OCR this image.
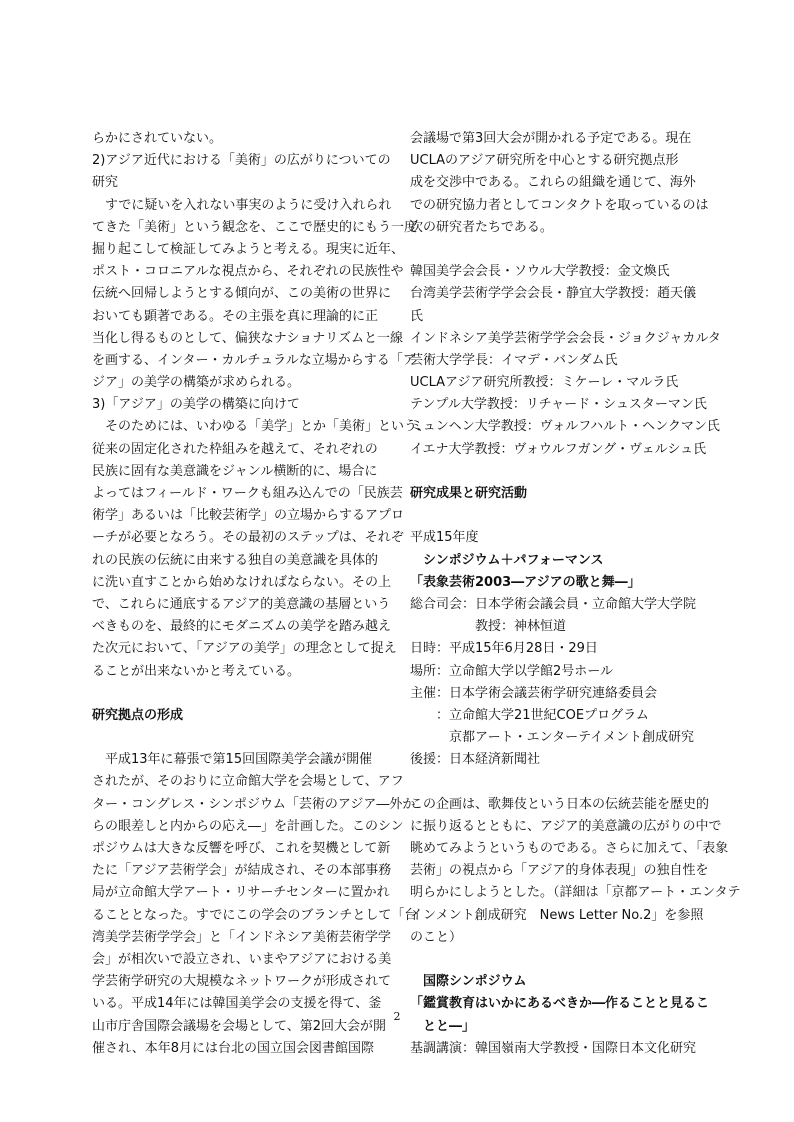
らかにされていない。
2)アジア近代における「美術」の広がりについての
研究
　すでに疑いを入れない事実のように受け入れられ
てきた「美術」という観念を、ここで歴史的にもう一度
掘り起こして検証してみようと考える。現実に近年、
ポスト・コロニアルな視点から、それぞれの民族性や
伝統へ回帰しようとする傾向が、この美術の世界に
おいても顕著である。その主張を真に理論的に正
当化し得るものとして、偏狭なナショナリズムと一線
を画する、インター・カルチュラルな立場からする「ア
ジア」の美学の構築が求められる。
3)「アジア」の美学の構築に向けて
　そのためには、いわゆる「美学」とか「美術」という、
従来の固定化された枠組みを越えて、それぞれの
民族に固有な美意識をジャンル横断的に、場合に
よってはフィールド・ワークも組み込んでの「民族芸
術学」あるいは「比較芸術学」の立場からするアプロ
ーチが必要となろう。その最初のステップは、それぞ
れの民族の伝統に由来する独自の美意識を具体的
に洗い直すことから始めなければならない。その上
で、これらに通底するアジア的美意識の基層という
べきものを、最終的にモダニズムの美学を踏み越え
た次元において、「アジアの美学」の理念として捉え
ることが出来ないかと考えている。
研究拠点の形成
　平成13年に幕張で第15回国際美学会議が開催
されたが、そのおりに立命館大学を会場として、アフ
ター・コングレス・シンポジウム「芸術のアジア―外か
らの眼差しと内からの応え―」を計画した。このシン
ポジウムは大きな反響を呼び、これを契機として新
たに「アジア芸術学会」が結成され、その本部事務
局が立命館大学アート・リサーチセンターに置かれ
ることとなった。すでにこの学会のブランチとして「台
湾美学芸術学学会」と「インドネシア美術芸術学学
会」が相次いで設立され、いまやアジアにおける美
学芸術学研究の大規模なネットワークが形成されて
いる。平成14年には韓国美学会の支援を得て、釜
山市庁舎国際会議場を会場として、第2回大会が開
催され、本年8月には台北の国立国会図書館国際
会議場で第3回大会が開かれる予定である。現在
UCLAのアジア研究所を中心とする研究拠点形
成を交渉中である。これらの組織を通じて、海外
での研究協力者としてコンタクトを取っているのは
次の研究者たちである。
韓国美学会会長・ソウル大学教授：金文煥氏
台湾美学芸術学学会会長・静宜大学教授：趙天儀
氏
インドネシア美学芸術学学会会長・ジョクジャカルタ
芸術大学学長：イマデ・バンダム氏
UCLAアジア研究所教授：ミケーレ・マルラ氏
テンプル大学教授：リチャード・シュスターマン氏
ミュンヘン大学教授：ヴォルフハルト・ヘンクマン氏
イエナ大学教授：ヴォウルフガング・ヴェルシュ氏
研究成果と研究活動
平成15年度
　シンポジウム＋パフォーマンス
「表象芸術2003―アジアの歌と舞―」
総合司会：日本学術会議会員・立命館大学大学院
　　　　　教授：神林恒道
日時：平成15年6月28日・29日
場所：立命館大学以学館2号ホール
主催：日本学術会議芸術学研究連絡委員会
　　：立命館大学21世紀COEプログラム
　　　京都アート・エンターテイメント創成研究
後援：日本経済新聞社
この企画は、歌舞伎という日本の伝統芸能を歴史的
に振り返るとともに、アジア的美意識の広がりの中で
眺めてみようというものである。さらに加えて、「表象
芸術」の視点から「アジア的身体表現」の独自性を
明らかにしようとした。（詳細は「京都アート・エンタテ
インメント創成研究　News Letter No.2」を参照
のこと）
　国際シンポジウム
「鑑賞教育はいかにあるべきか―作ることと見るこ
　とと―」
基調講演：韓国嶺南大学教授・国際日本文化研究
2
